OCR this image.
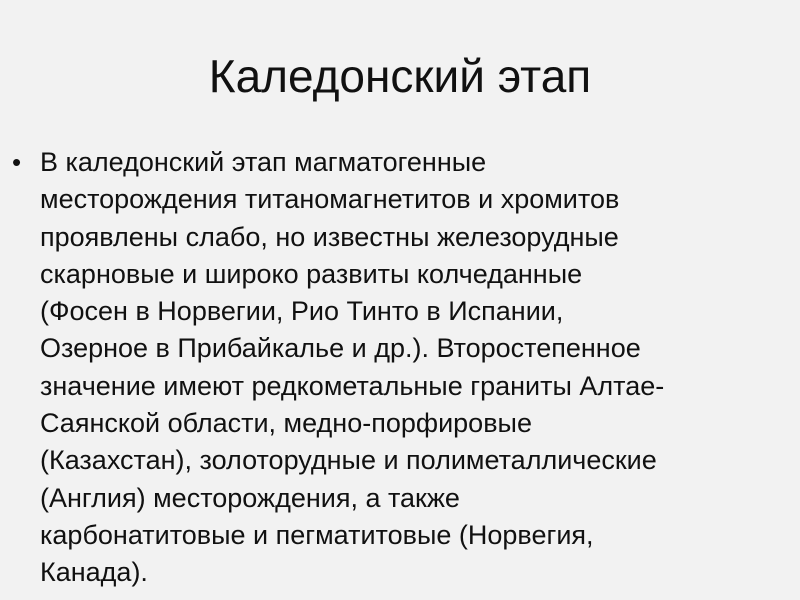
Каледонский этап
• В каледонский этап магматогенные
месторождения титаномагнетитов и хромитов
проявлены слабо, но известны железорудные
скарновые и широко развиты колчеданные
(Фосен в Норвегии, Рио Тинто в Испании,
Озерное в Прибайкалье и др.). Второстепенное
значение имеют редкометальные граниты Алтае-
Саянской области, медно-порфировые
(Казахстан), золоторудные и полиметаллические
(Англия) месторождения, а также
карбонатитовые и пегматитовые (Норвегия,
Канада).
